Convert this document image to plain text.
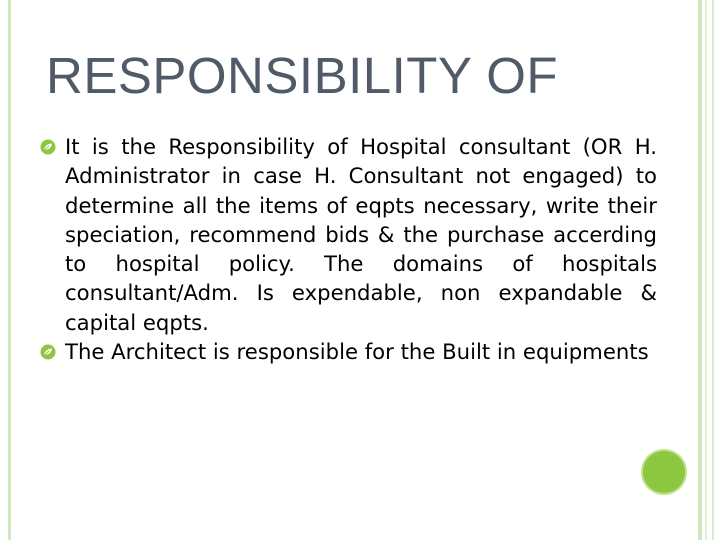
RESPONSIBILITY OF

It is the Responsibility of Hospital consultant (OR H. Administrator in case H. Consultant not engaged) to determine all the items of eqpts necessary, write their speciation, recommend bids & the purchase accerding to hospital policy. The domains of hospitals consultant/Adm. Is expendable, non expandable & capital eqpts.

The Architect is responsible for the Built in equipments
